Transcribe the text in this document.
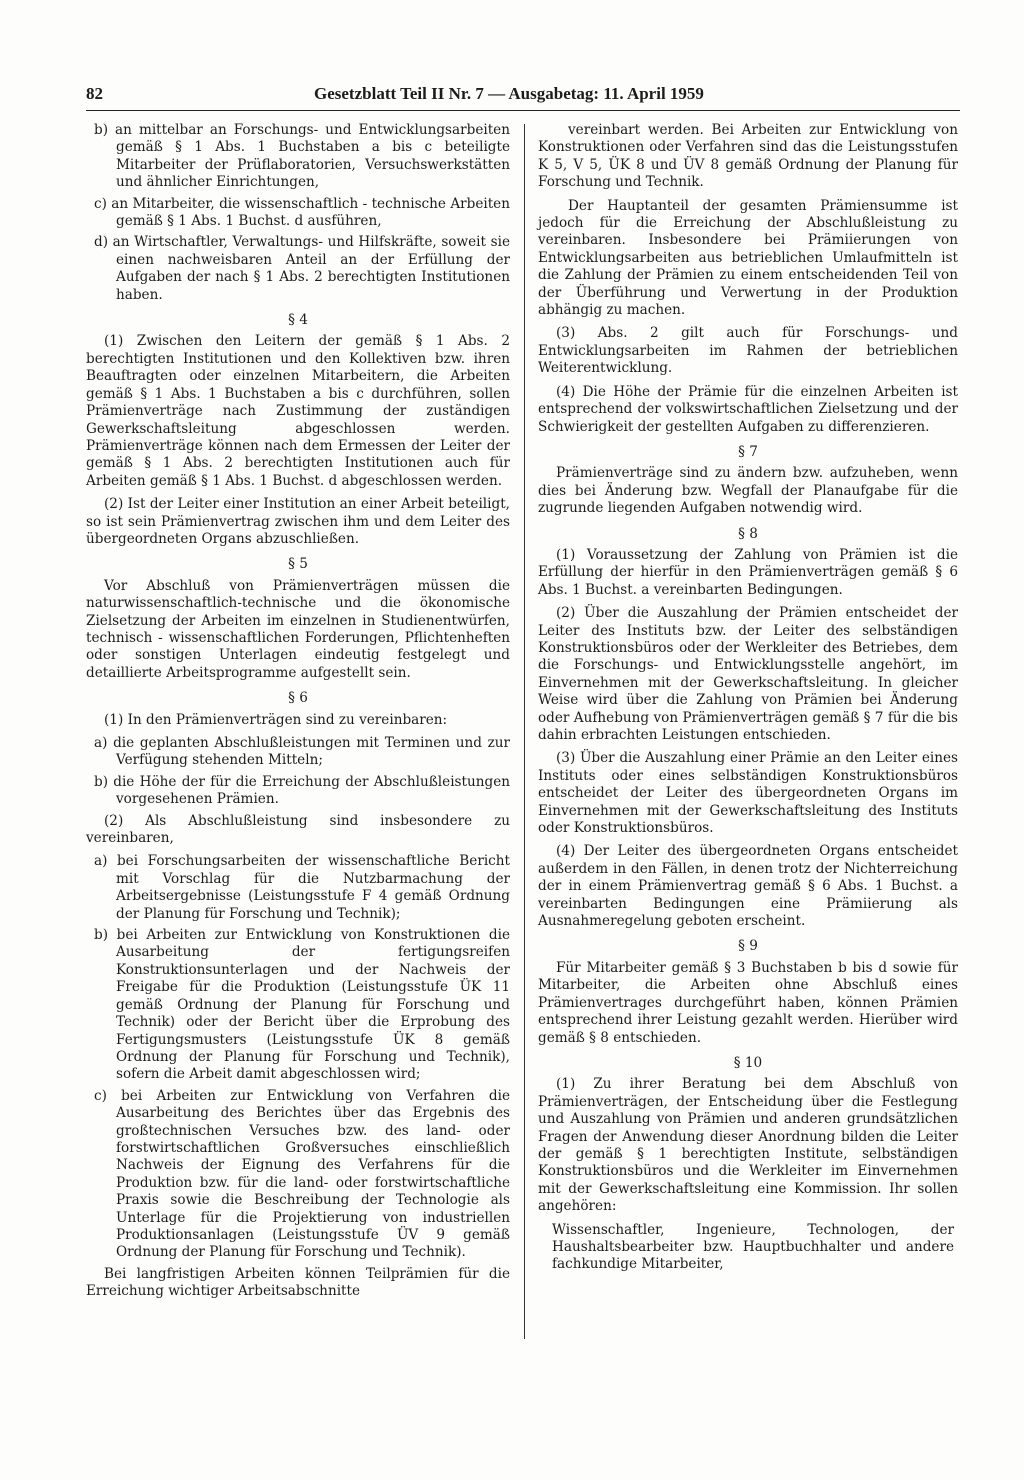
82	Gesetzblatt Teil II Nr. 7 — Ausgabetag: 11. April 1959

b) an mittelbar an Forschungs- und Entwicklungsarbeiten gemäß § 1 Abs. 1 Buchstaben a bis c beteiligte Mitarbeiter der Prüflaboratorien, Versuchswerkstätten und ähnlicher Einrichtungen,

c) an Mitarbeiter, die wissenschaftlich - technische Arbeiten gemäß § 1 Abs. 1 Buchst. d ausführen,

d) an Wirtschaftler, Verwaltungs- und Hilfskräfte, soweit sie einen nachweisbaren Anteil an der Erfüllung der Aufgaben der nach § 1 Abs. 2 berechtigten Institutionen haben.

§ 4

(1) Zwischen den Leitern der gemäß § 1 Abs. 2 berechtigten Institutionen und den Kollektiven bzw. ihren Beauftragten oder einzelnen Mitarbeitern, die Arbeiten gemäß § 1 Abs. 1 Buchstaben a bis c durchführen, sollen Prämienverträge nach Zustimmung der zuständigen Gewerkschaftsleitung abgeschlossen werden. Prämienverträge können nach dem Ermessen der Leiter der gemäß § 1 Abs. 2 berechtigten Institutionen auch für Arbeiten gemäß § 1 Abs. 1 Buchst. d abgeschlossen werden.

(2) Ist der Leiter einer Institution an einer Arbeit beteiligt, so ist sein Prämienvertrag zwischen ihm und dem Leiter des übergeordneten Organs abzuschließen.

§ 5

Vor Abschluß von Prämienverträgen müssen die naturwissenschaftlich-technische und die ökonomische Zielsetzung der Arbeiten im einzelnen in Studienentwürfen, technisch - wissenschaftlichen Forderungen, Pflichtenheften oder sonstigen Unterlagen eindeutig festgelegt und detaillierte Arbeitsprogramme aufgestellt sein.

§ 6

(1) In den Prämienverträgen sind zu vereinbaren:

a) die geplanten Abschlußleistungen mit Terminen und zur Verfügung stehenden Mitteln;

b) die Höhe der für die Erreichung der Abschlußleistungen vorgesehenen Prämien.

(2) Als Abschlußleistung sind insbesondere zu vereinbaren,

a) bei Forschungsarbeiten der wissenschaftliche Bericht mit Vorschlag für die Nutzbarmachung der Arbeitsergebnisse (Leistungsstufe F 4 gemäß Ordnung der Planung für Forschung und Technik);

b) bei Arbeiten zur Entwicklung von Konstruktionen die Ausarbeitung der fertigungsreifen Konstruktionsunterlagen und der Nachweis der Freigabe für die Produktion (Leistungsstufe ÜK 11 gemäß Ordnung der Planung für Forschung und Technik) oder der Bericht über die Erprobung des Fertigungsmusters (Leistungsstufe ÜK 8 gemäß Ordnung der Planung für Forschung und Technik), sofern die Arbeit damit abgeschlossen wird;

c) bei Arbeiten zur Entwicklung von Verfahren die Ausarbeitung des Berichtes über das Ergebnis des großtechnischen Versuches bzw. des land- oder forstwirtschaftlichen Großversuches einschließlich Nachweis der Eignung des Verfahrens für die Produktion bzw. für die land- oder forstwirtschaftliche Praxis sowie die Beschreibung der Technologie als Unterlage für die Projektierung von industriellen Produktionsanlagen (Leistungsstufe ÜV 9 gemäß Ordnung der Planung für Forschung und Technik).

Bei langfristigen Arbeiten können Teilprämien für die Erreichung wichtiger Arbeitsabschnitte

vereinbart werden. Bei Arbeiten zur Entwicklung von Konstruktionen oder Verfahren sind das die Leistungsstufen K 5, V 5, ÜK 8 und ÜV 8 gemäß Ordnung der Planung für Forschung und Technik.

Der Hauptanteil der gesamten Prämiensumme ist jedoch für die Erreichung der Abschlußleistung zu vereinbaren. Insbesondere bei Prämiierungen von Entwicklungsarbeiten aus betrieblichen Umlaufmitteln ist die Zahlung der Prämien zu einem entscheidenden Teil von der Überführung und Verwertung in der Produktion abhängig zu machen.

(3) Abs. 2 gilt auch für Forschungs- und Entwicklungsarbeiten im Rahmen der betrieblichen Weiterentwicklung.

(4) Die Höhe der Prämie für die einzelnen Arbeiten ist entsprechend der volkswirtschaftlichen Zielsetzung und der Schwierigkeit der gestellten Aufgaben zu differenzieren.

§ 7

Prämienverträge sind zu ändern bzw. aufzuheben, wenn dies bei Änderung bzw. Wegfall der Planaufgabe für die zugrunde liegenden Aufgaben notwendig wird.

§ 8

(1) Voraussetzung der Zahlung von Prämien ist die Erfüllung der hierfür in den Prämienverträgen gemäß § 6 Abs. 1 Buchst. a vereinbarten Bedingungen.

(2) Über die Auszahlung der Prämien entscheidet der Leiter des Instituts bzw. der Leiter des selbständigen Konstruktionsbüros oder der Werkleiter des Betriebes, dem die Forschungs- und Entwicklungsstelle angehört, im Einvernehmen mit der Gewerkschaftsleitung. In gleicher Weise wird über die Zahlung von Prämien bei Änderung oder Aufhebung von Prämienverträgen gemäß § 7 für die bis dahin erbrachten Leistungen entschieden.

(3) Über die Auszahlung einer Prämie an den Leiter eines Instituts oder eines selbständigen Konstruktionsbüros entscheidet der Leiter des übergeordneten Organs im Einvernehmen mit der Gewerkschaftsleitung des Instituts oder Konstruktionsbüros.

(4) Der Leiter des übergeordneten Organs entscheidet außerdem in den Fällen, in denen trotz der Nichterreichung der in einem Prämienvertrag gemäß § 6 Abs. 1 Buchst. a vereinbarten Bedingungen eine Prämiierung als Ausnahmeregelung geboten erscheint.

§ 9

Für Mitarbeiter gemäß § 3 Buchstaben b bis d sowie für Mitarbeiter, die Arbeiten ohne Abschluß eines Prämienvertrages durchgeführt haben, können Prämien entsprechend ihrer Leistung gezahlt werden. Hierüber wird gemäß § 8 entschieden.

§ 10

(1) Zu ihrer Beratung bei dem Abschluß von Prämienverträgen, der Entscheidung über die Festlegung und Auszahlung von Prämien und anderen grundsätzlichen Fragen der Anwendung dieser Anordnung bilden die Leiter der gemäß § 1 berechtigten Institute, selbständigen Konstruktionsbüros und die Werkleiter im Einvernehmen mit der Gewerkschaftsleitung eine Kommission. Ihr sollen angehören:

Wissenschaftler, Ingenieure, Technologen, der Haushaltsbearbeiter bzw. Hauptbuchhalter und andere fachkundige Mitarbeiter,
